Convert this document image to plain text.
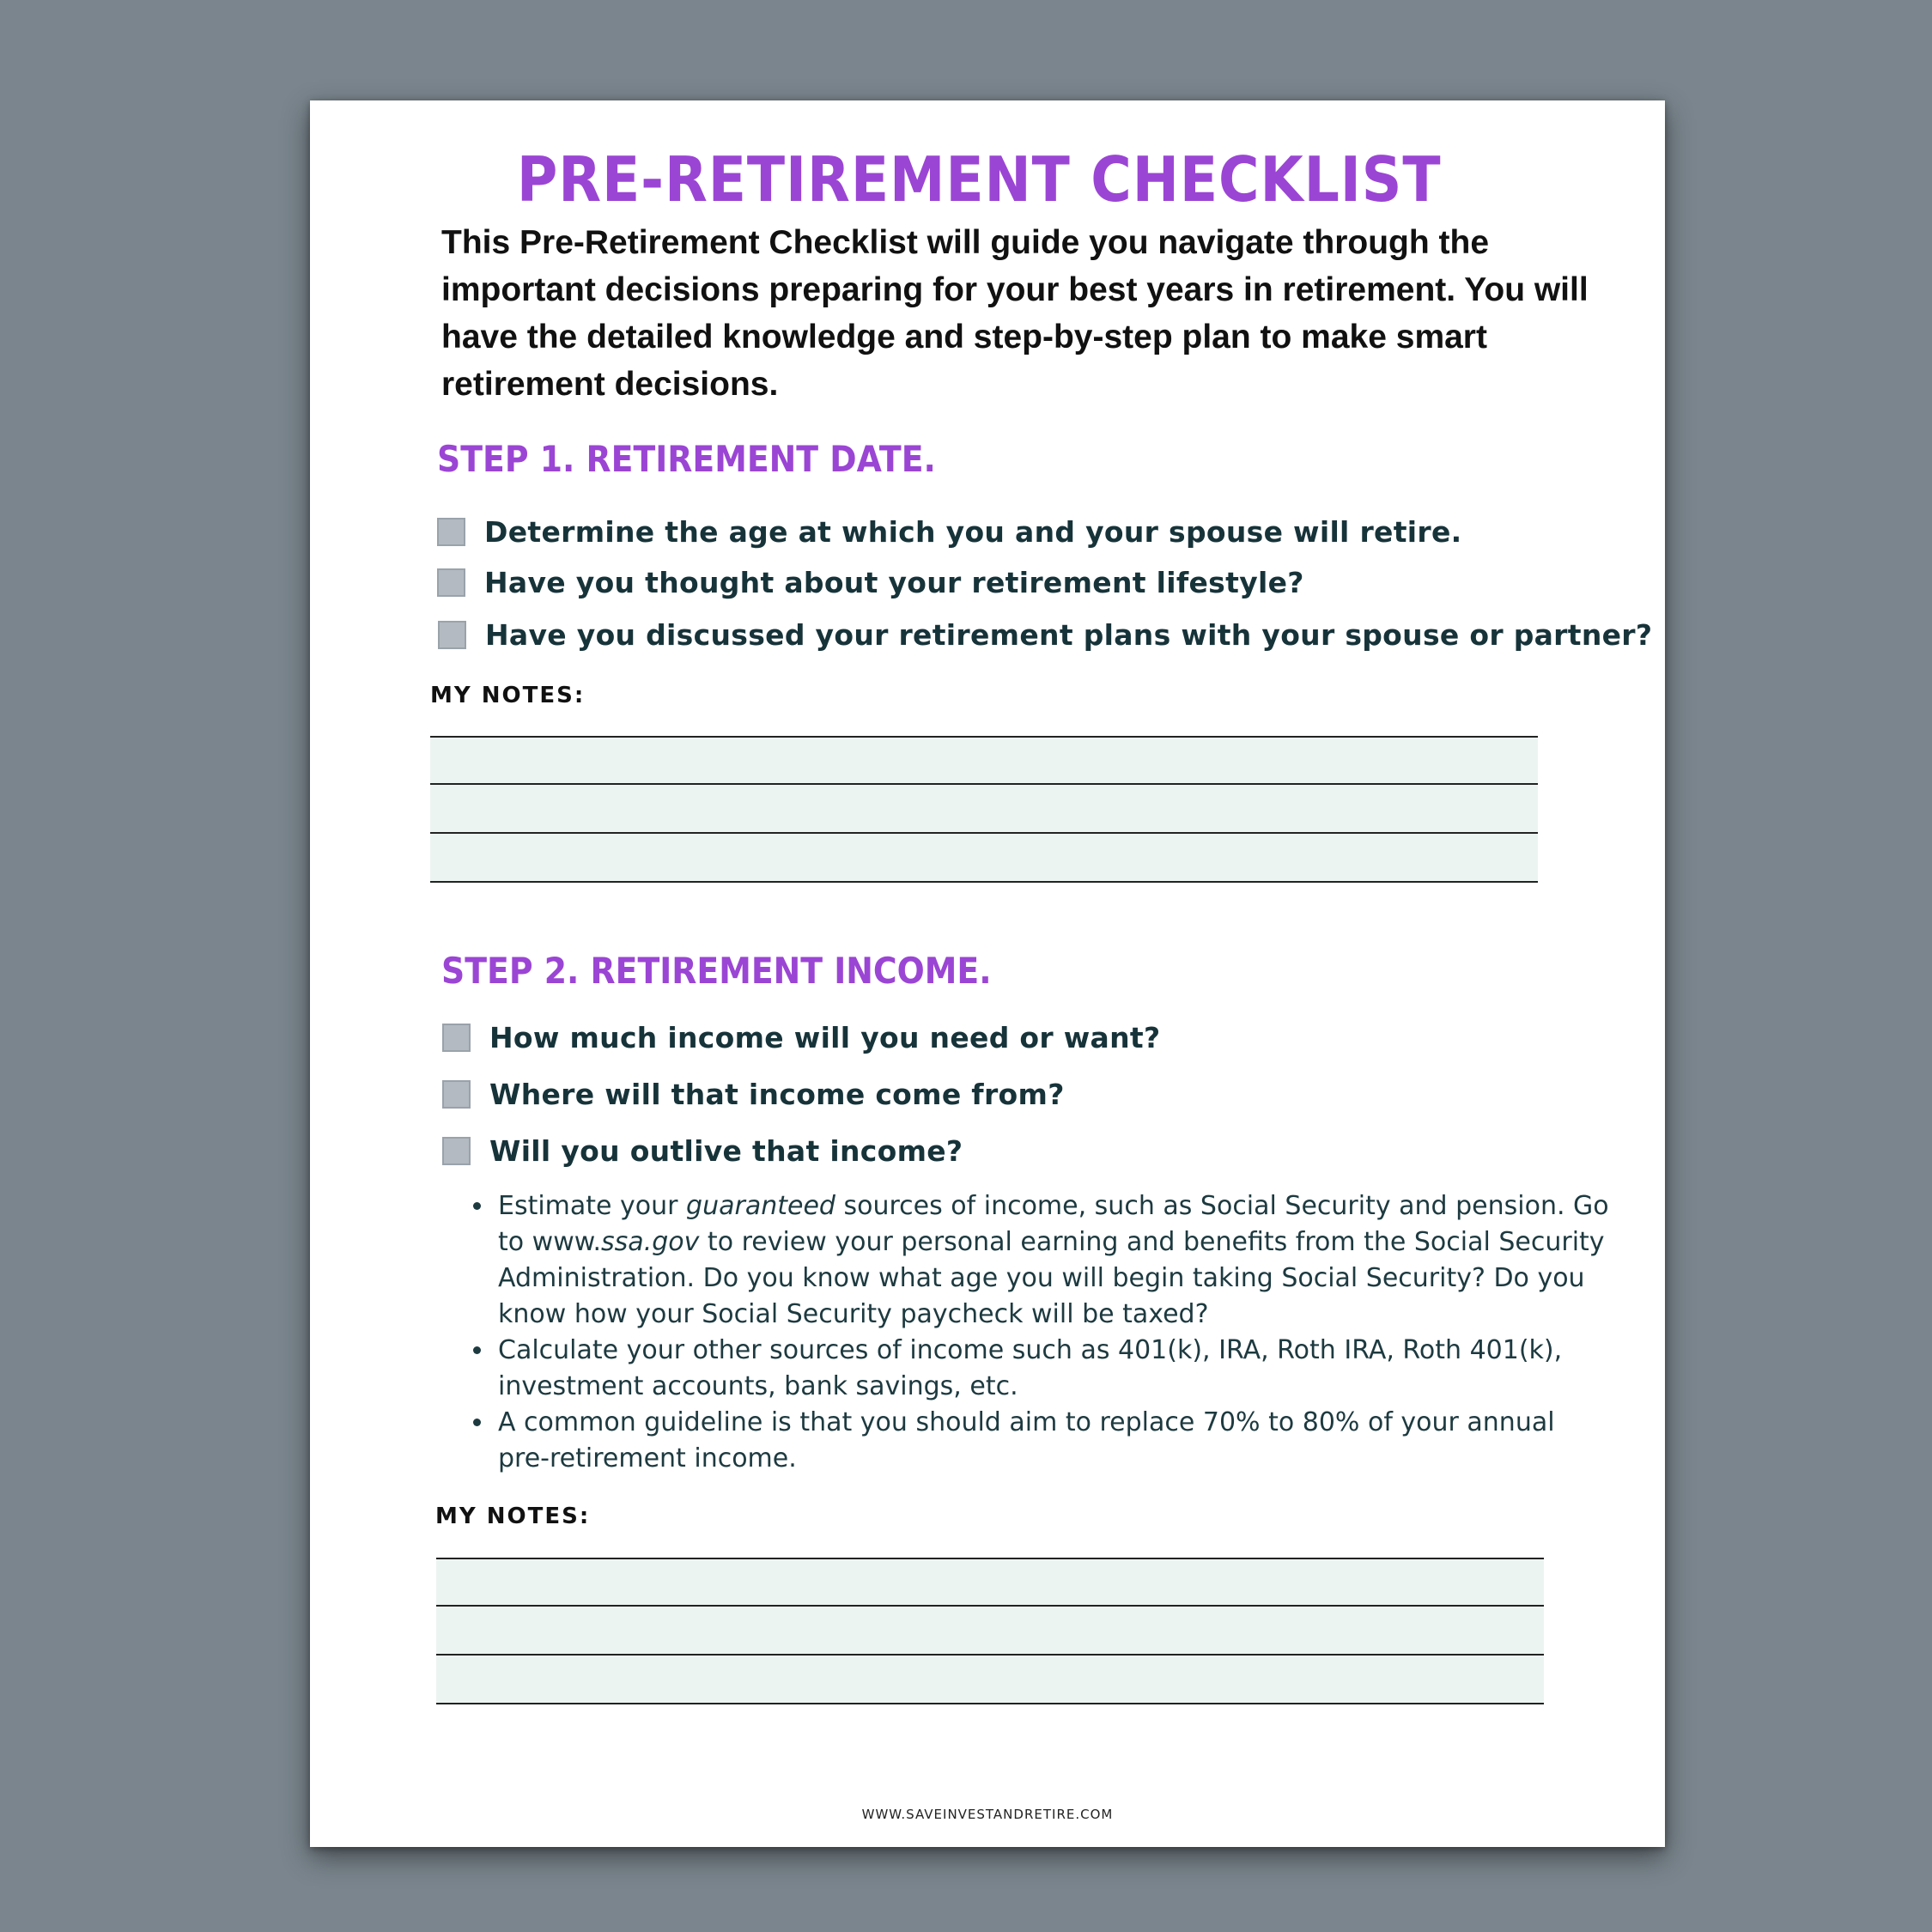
PRE-RETIREMENT CHECKLIST
This Pre-Retirement Checklist will guide you navigate through the important decisions preparing for your best years in retirement. You will have the detailed knowledge and step-by-step plan to make smart retirement decisions.
STEP 1. RETIREMENT DATE.
Determine the age at which you and your spouse will retire.
Have you thought about your retirement lifestyle?
Have you discussed your retirement plans with your spouse or partner?
MY NOTES:
STEP 2. RETIREMENT INCOME.
How much income will you need or want?
Where will that income come from?
Will you outlive that income?
• Estimate your guaranteed sources of income, such as Social Security and pension. Go to www.ssa.gov to review your personal earning and benefits from the Social Security Administration. Do you know what age you will begin taking Social Security? Do you know how your Social Security paycheck will be taxed?
• Calculate your other sources of income such as 401(k), IRA, Roth IRA, Roth 401(k), investment accounts, bank savings, etc.
• A common guideline is that you should aim to replace 70% to 80% of your annual pre-retirement income.
MY NOTES:
WWW.SAVEINVESTANDRETIRE.COM
